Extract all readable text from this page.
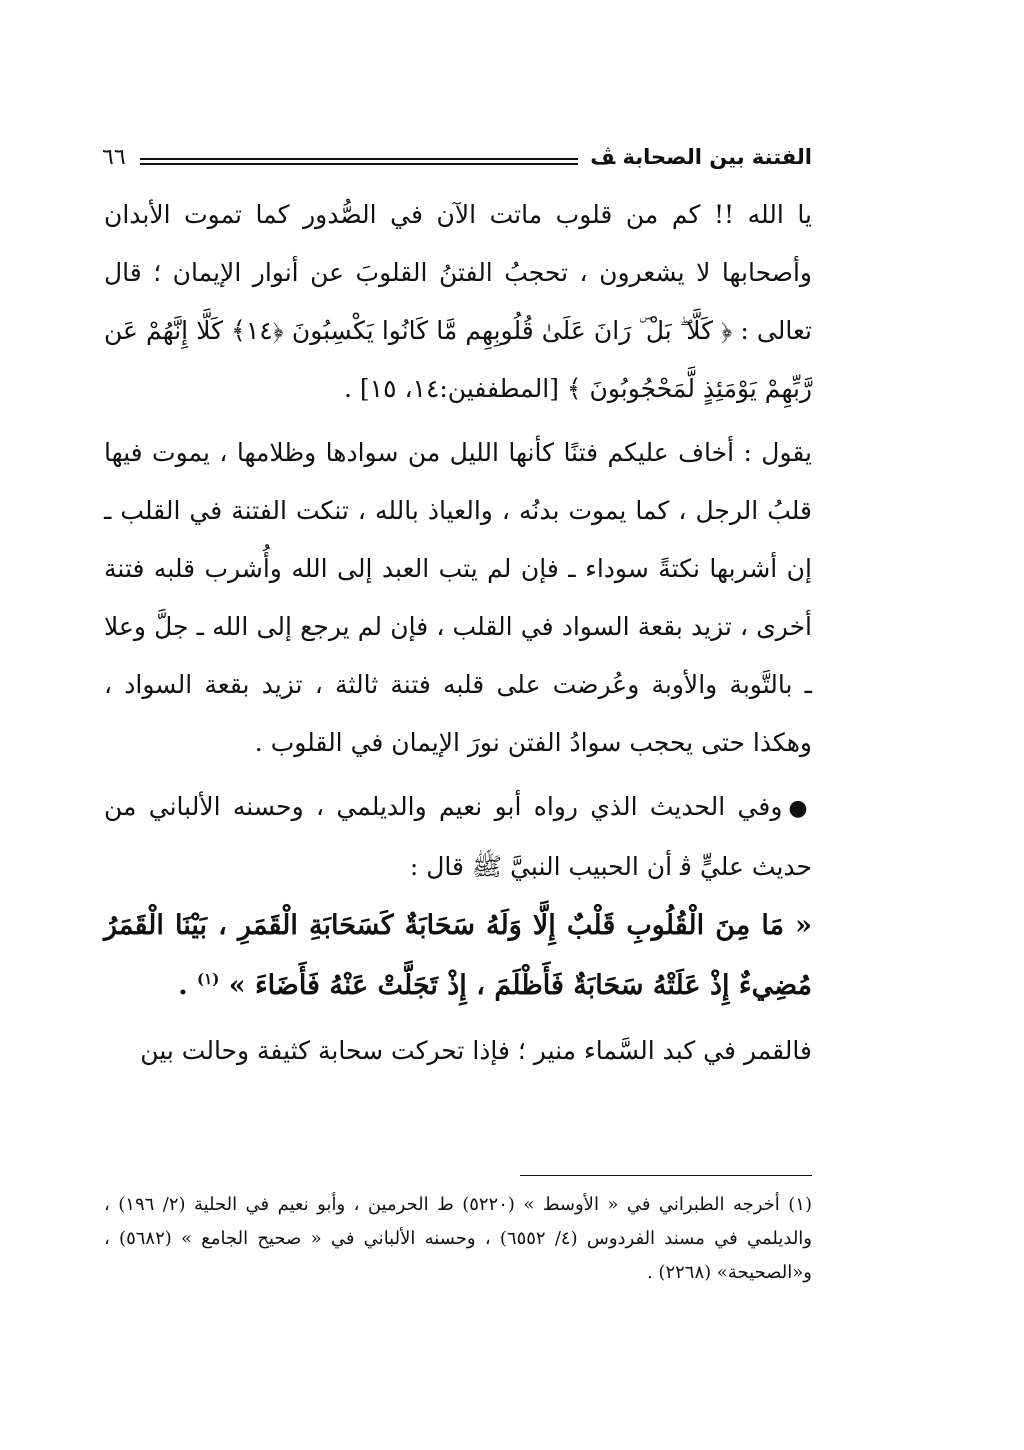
الفتنة بين الصحابة ﭫ
٦٦

يا الله !! كم من قلوب ماتت الآن في الصُّدور كما تموت الأبدان وأصحابها لا يشعرون ، تحجبُ الفتنُ القلوبَ عن أنوار الإيمان ؛ قال تعالى : ﴿ كَلَّا ۖ بَلْ ۜ رَانَ عَلَىٰ قُلُوبِهِم مَّا كَانُوا يَكْسِبُونَ ﴿١٤﴾ كَلَّا إِنَّهُمْ عَن رَّبِّهِمْ يَوْمَئِذٍ لَّمَحْجُوبُونَ ﴾ [المطففين:١٤، ١٥] .

يقول : أخاف عليكم فتنًا كأنها الليل من سوادها وظلامها ، يموت فيها قلبُ الرجل ، كما يموت بدنُه ، والعياذ بالله ، تنكت الفتنة في القلب ـ إن أشربها نكتةً سوداء ـ فإن لم يتب العبد إلى الله وأُشرب قلبه فتنة أخرى ، تزيد بقعة السواد في القلب ، فإن لم يرجع إلى الله ـ جلَّ وعلا ـ بالتَّوبة والأوبة وعُرضت على قلبه فتنة ثالثة ، تزيد بقعة السواد ، وهكذا حتى يحجب سوادُ الفتن نورَ الإيمان في القلوب .

●وفي الحديث الذي رواه أبو نعيم والديلمي ، وحسنه الألباني من حديث عليٍّ ﭬ أن الحبيب النبيَّ ﷺ قال :

« مَا مِنَ الْقُلُوبِ قَلْبٌ إِلَّا وَلَهُ سَحَابَةٌ كَسَحَابَةِ الْقَمَرِ ، بَيْنَا الْقَمَرُ مُضِيءٌ إِذْ عَلَتْهُ سَحَابَةٌ فَأَظْلَمَ ، إِذْ تَجَلَّتْ عَنْهُ فَأَضَاءَ » $^{(١)}$ .

فالقمر في كبد السَّماء منير ؛ فإذا تحركت سحابة كثيفة وحالت بين

(١) أخرجه الطبراني في « الأوسط » (٥٢٢٠) ط الحرمين ، وأبو نعيم في الحلية (٢/ ١٩٦) ، والديلمي في مسند الفردوس (٤/ ٦٥٥٢) ، وحسنه الألباني في « صحيح الجامع » (٥٦٨٢) ، و«الصحيحة» (٢٢٦٨) .
